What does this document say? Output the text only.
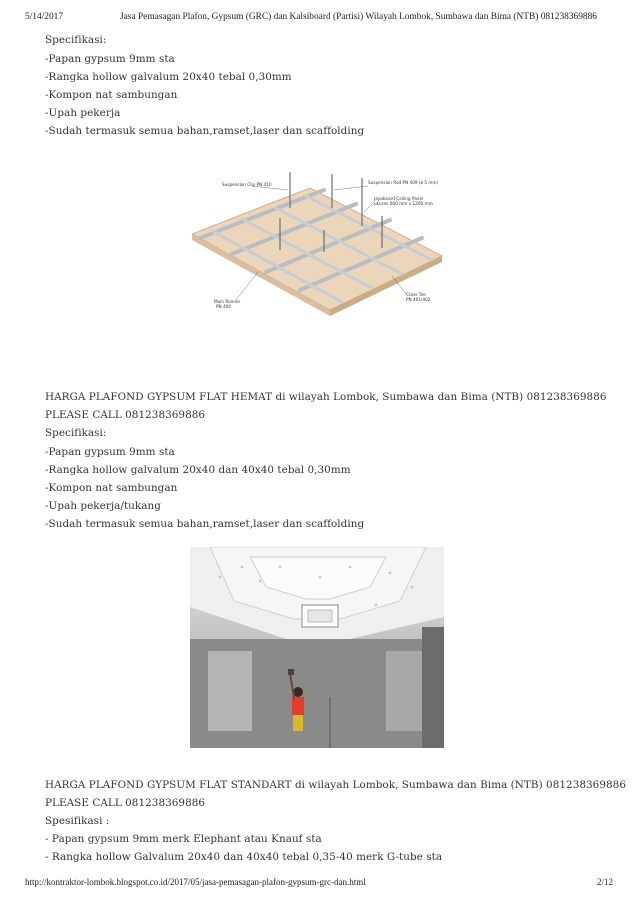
5/14/2017	Jasa Pemasagan Plafon, Gypsum (GRC) dan Kalsiboard (Partisi) Wilayah Lombok, Sumbawa dan Bima (NTB) 081238369886
Specifikasi:
-Papan gypsum 9mm sta
-Rangka hollow galvalum 20x40 tebal 0,30mm
-Kompon nat sambungan
-Upah pekerja
-Sudah termasuk semua bahan,ramset,laser dan scaffolding
Suspension Clip PN 410	Suspension Rod PN 409 (ø 5 mm)
Jayaboard Ceiling Panel
ukuran 600 mm x 1200 mm
Main Runner
PN 400
Cross Tee
PN 401/402
HARGA PLAFOND GYPSUM FLAT HEMAT di wilayah Lombok, Sumbawa dan Bima (NTB) 081238369886
PLEASE CALL 081238369886
Specifikasi:
-Papan gypsum 9mm sta
-Rangka hollow galvalum 20x40 dan 40x40 tebal 0,30mm
-Kompon nat sambungan
-Upah pekerja/tukang
-Sudah termasuk semua bahan,ramset,laser dan scaffolding
HARGA PLAFOND GYPSUM FLAT STANDART di wilayah Lombok, Sumbawa dan Bima (NTB) 081238369886
PLEASE CALL 081238369886
Spesifikasi :
- Papan gypsum 9mm merk Elephant atau Knauf sta
- Rangka hollow Galvalum 20x40 dan 40x40 tebal 0,35-40 merk G-tube sta
http://kontraktor-lombok.blogspot.co.id/2017/05/jasa-pemasagan-plafon-gypsum-grc-dan.html	2/12
